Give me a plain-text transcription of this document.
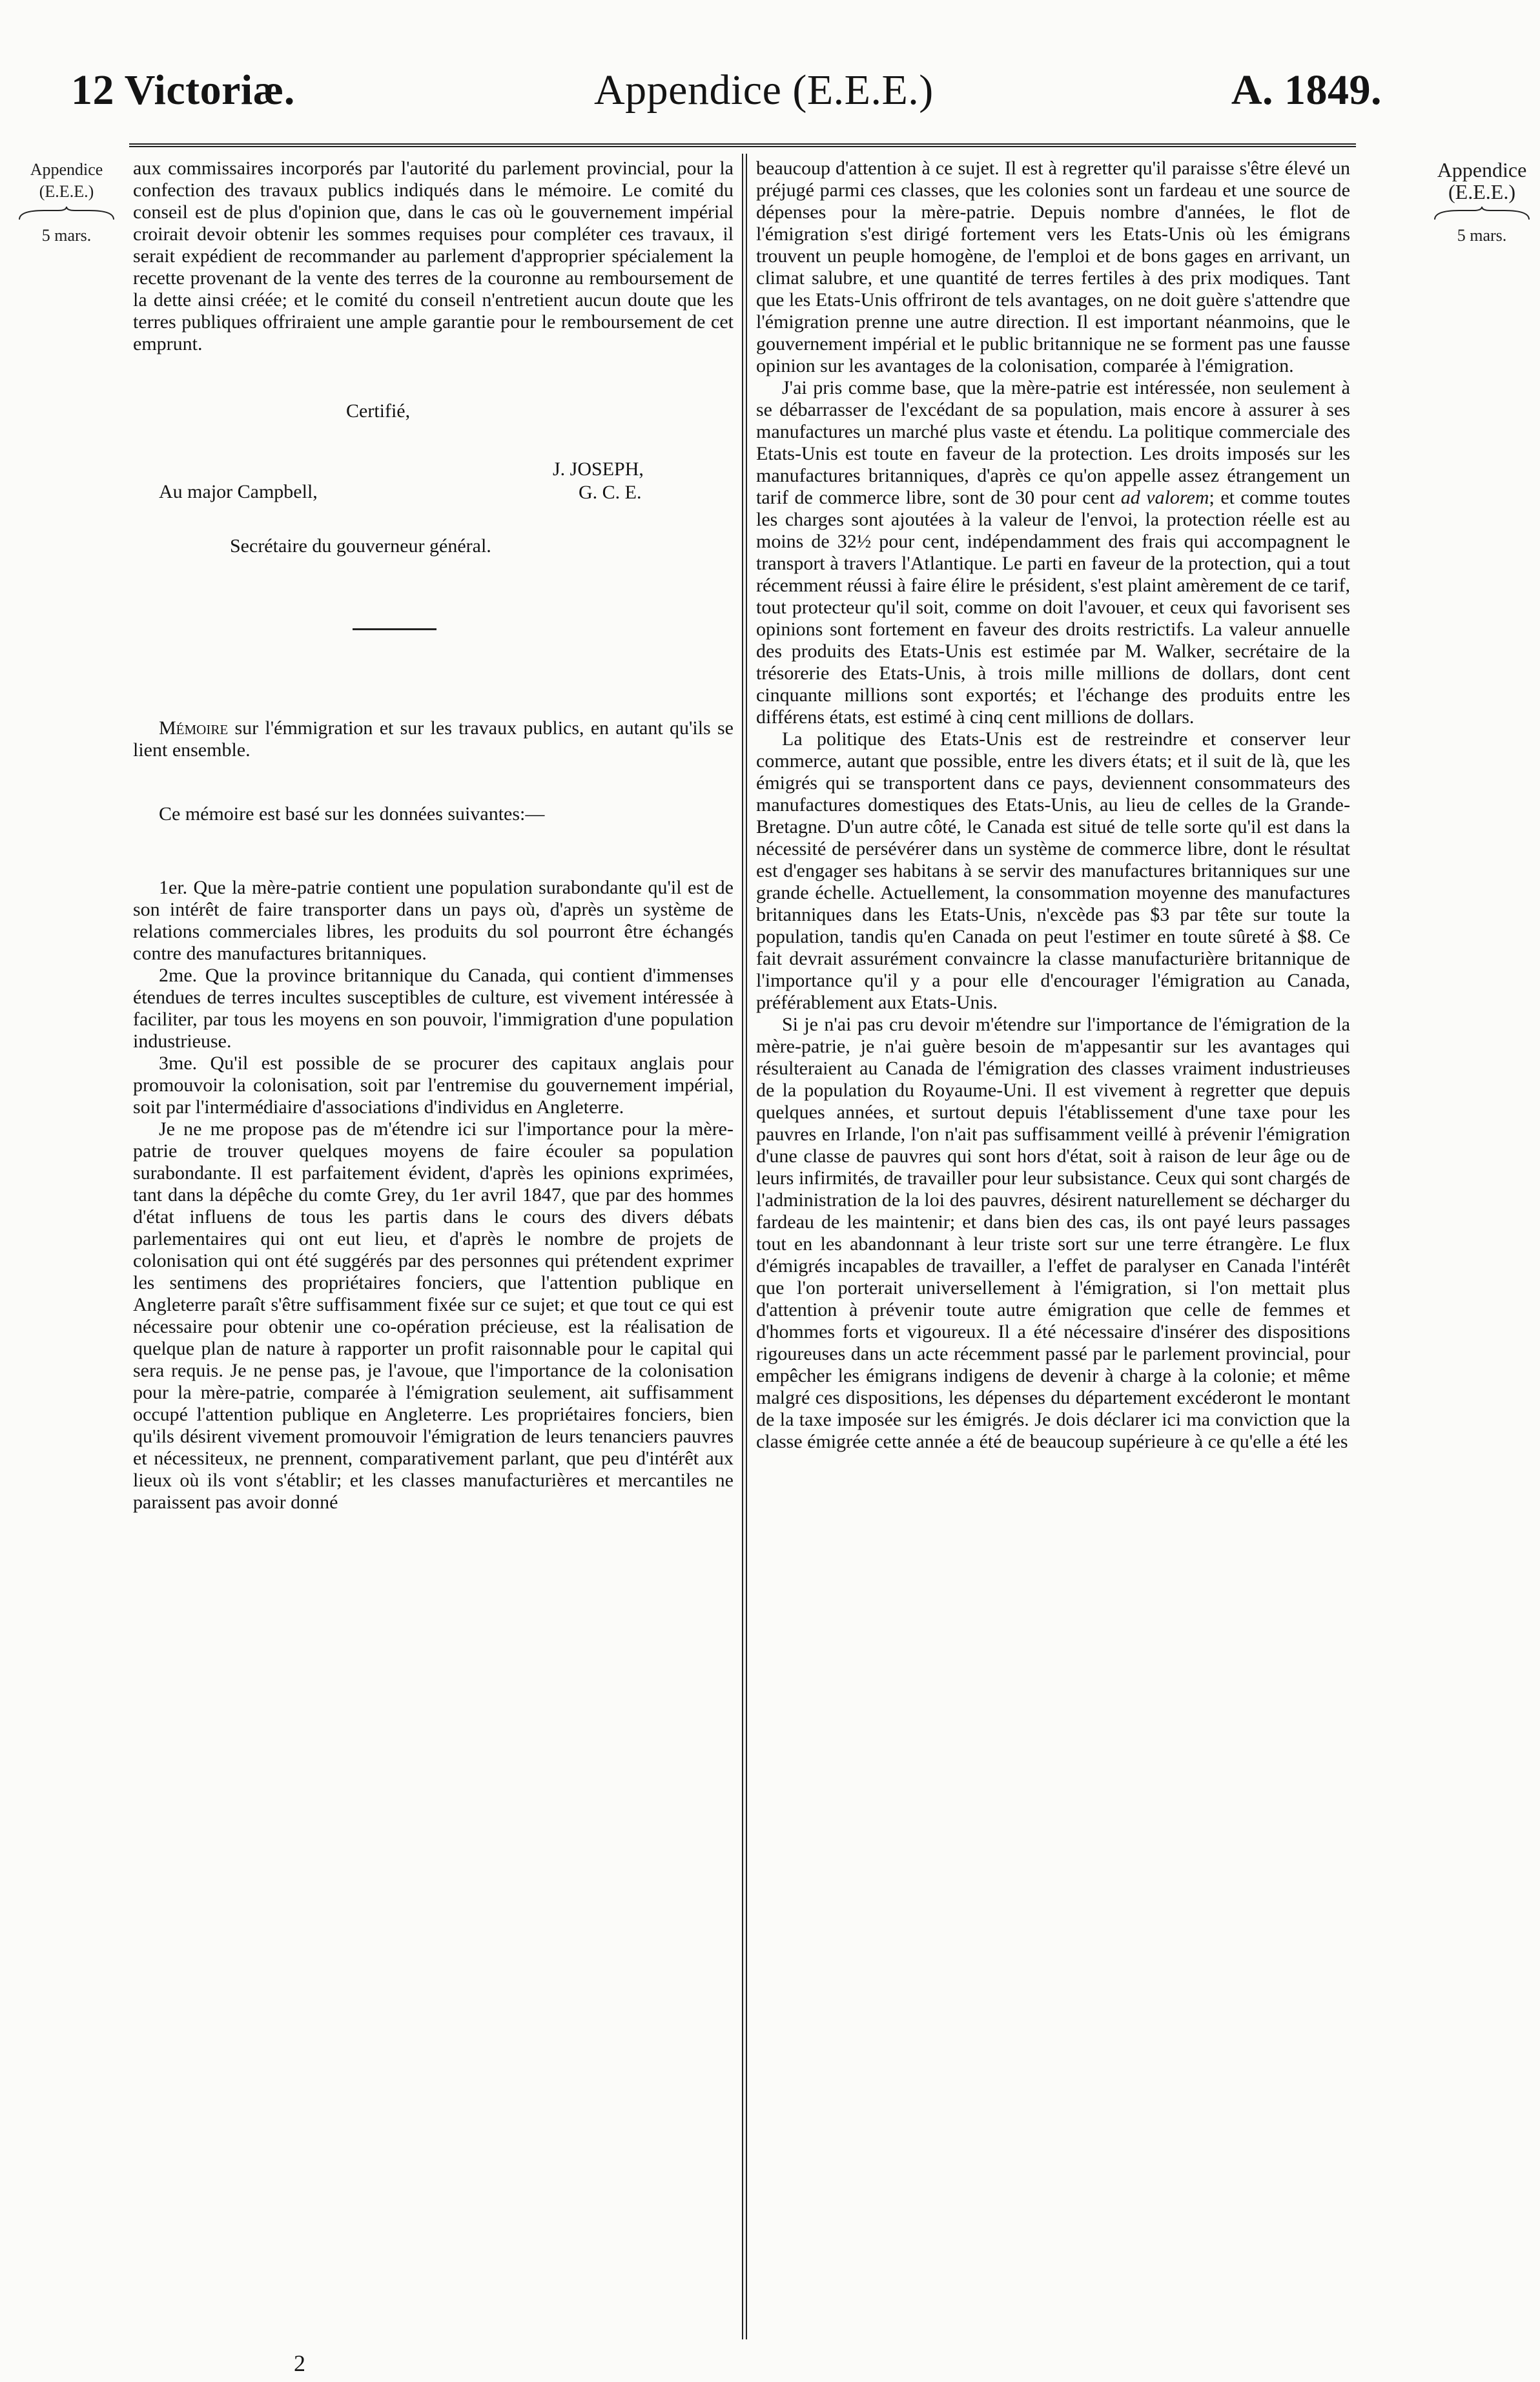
12 Victoriæ.	Appendice (E.E.E.)	A. 1849.
Appendice
(E.E.E.)
5 mars.
Appendice
(E.E.E.)
5 mars.

aux commissaires incorporés par l'autorité du parlement provincial, pour la confection des travaux publics indiqués dans le mémoire. Le comité du conseil est de plus d'opinion que, dans le cas où le gouvernement impérial croirait devoir obtenir les sommes requises pour compléter ces travaux, il serait expédient de recommander au parlement d'approprier spécialement la recette provenant de la vente des terres de la couronne au remboursement de la dette ainsi créée; et le comité du conseil n'entretient aucun doute que les terres publiques offriraient une ample garantie pour le remboursement de cet emprunt.

Certifié,

J. JOSEPH,
G. C. E.

Au major Campbell,

Secrétaire du gouverneur général.

Mémoire sur l'émmigration et sur les travaux publics, en autant qu'ils se lient ensemble.

Ce mémoire est basé sur les données suivantes:—

1er. Que la mère-patrie contient une population surabondante qu'il est de son intérêt de faire transporter dans un pays où, d'après un système de relations commerciales libres, les produits du sol pourront être échangés contre des manufactures britanniques.

2me. Que la province britannique du Canada, qui contient d'immenses étendues de terres incultes susceptibles de culture, est vivement intéressée à faciliter, par tous les moyens en son pouvoir, l'immigration d'une population industrieuse.

3me. Qu'il est possible de se procurer des capitaux anglais pour promouvoir la colonisation, soit par l'entremise du gouvernement impérial, soit par l'intermédiaire d'associations d'individus en Angleterre.

Je ne me propose pas de m'étendre ici sur l'importance pour la mère-patrie de trouver quelques moyens de faire écouler sa population surabondante. Il est parfaitement évident, d'après les opinions exprimées, tant dans la dépêche du comte Grey, du 1er avril 1847, que par des hommes d'état influens de tous les partis dans le cours des divers débats parlementaires qui ont eut lieu, et d'après le nombre de projets de colonisation qui ont été suggérés par des personnes qui prétendent exprimer les sentimens des propriétaires fonciers, que l'attention publique en Angleterre paraît s'être suffisamment fixée sur ce sujet; et que tout ce qui est nécessaire pour obtenir une co-opération précieuse, est la réalisation de quelque plan de nature à rapporter un profit raisonnable pour le capital qui sera requis. Je ne pense pas, je l'avoue, que l'importance de la colonisation pour la mère-patrie, comparée à l'émigration seulement, ait suffisamment occupé l'attention publique en Angleterre. Les propriétaires fonciers, bien qu'ils désirent vivement promouvoir l'émigration de leurs tenanciers pauvres et nécessiteux, ne prennent, comparativement parlant, que peu d'intérêt aux lieux où ils vont s'établir; et les classes manufacturières et mercantiles ne paraissent pas avoir donné

beaucoup d'attention à ce sujet. Il est à regretter qu'il paraisse s'être élevé un préjugé parmi ces classes, que les colonies sont un fardeau et une source de dépenses pour la mère-patrie. Depuis nombre d'années, le flot de l'émigration s'est dirigé fortement vers les Etats-Unis où les émigrans trouvent un peuple homogène, de l'emploi et de bons gages en arrivant, un climat salubre, et une quantité de terres fertiles à des prix modiques. Tant que les Etats-Unis offriront de tels avantages, on ne doit guère s'attendre que l'émigration prenne une autre direction. Il est important néanmoins, que le gouvernement impérial et le public britannique ne se forment pas une fausse opinion sur les avantages de la colonisation, comparée à l'émigration.

J'ai pris comme base, que la mère-patrie est intéressée, non seulement à se débarrasser de l'excédant de sa population, mais encore à assurer à ses manufactures un marché plus vaste et étendu. La politique commerciale des Etats-Unis est toute en faveur de la protection. Les droits imposés sur les manufactures britanniques, d'après ce qu'on appelle assez étrangement un tarif de commerce libre, sont de 30 pour cent ad valorem; et comme toutes les charges sont ajoutées à la valeur de l'envoi, la protection réelle est au moins de 32½ pour cent, indépendamment des frais qui accompagnent le transport à travers l'Atlantique. Le parti en faveur de la protection, qui a tout récemment réussi à faire élire le président, s'est plaint amèrement de ce tarif, tout protecteur qu'il soit, comme on doit l'avouer, et ceux qui favorisent ses opinions sont fortement en faveur des droits restrictifs. La valeur annuelle des produits des Etats-Unis est estimée par M. Walker, secrétaire de la trésorerie des Etats-Unis, à trois mille millions de dollars, dont cent cinquante millions sont exportés; et l'échange des produits entre les différens états, est estimé à cinq cent millions de dollars.

La politique des Etats-Unis est de restreindre et conserver leur commerce, autant que possible, entre les divers états; et il suit de là, que les émigrés qui se transportent dans ce pays, deviennent consommateurs des manufactures domestiques des Etats-Unis, au lieu de celles de la Grande-Bretagne. D'un autre côté, le Canada est situé de telle sorte qu'il est dans la nécessité de persévérer dans un système de commerce libre, dont le résultat est d'engager ses habitans à se servir des manufactures britanniques sur une grande échelle. Actuellement, la consommation moyenne des manufactures britanniques dans les Etats-Unis, n'excède pas $3 par tête sur toute la population, tandis qu'en Canada on peut l'estimer en toute sûreté à $8. Ce fait devrait assurément convaincre la classe manufacturière britannique de l'importance qu'il y a pour elle d'encourager l'émigration au Canada, préférablement aux Etats-Unis.

Si je n'ai pas cru devoir m'étendre sur l'importance de l'émigration de la mère-patrie, je n'ai guère besoin de m'appesantir sur les avantages qui résulteraient au Canada de l'émigration des classes vraiment industrieuses de la population du Royaume-Uni. Il est vivement à regretter que depuis quelques années, et surtout depuis l'établissement d'une taxe pour les pauvres en Irlande, l'on n'ait pas suffisamment veillé à prévenir l'émigration d'une classe de pauvres qui sont hors d'état, soit à raison de leur âge ou de leurs infirmités, de travailler pour leur subsistance. Ceux qui sont chargés de l'administration de la loi des pauvres, désirent naturellement se décharger du fardeau de les maintenir; et dans bien des cas, ils ont payé leurs passages tout en les abandonnant à leur triste sort sur une terre étrangère. Le flux d'émigrés incapables de travailler, a l'effet de paralyser en Canada l'intérêt que l'on porterait universellement à l'émigration, si l'on mettait plus d'attention à prévenir toute autre émigration que celle de femmes et d'hommes forts et vigoureux. Il a été nécessaire d'insérer des dispositions rigoureuses dans un acte récemment passé par le parlement provincial, pour empêcher les émigrans indigens de devenir à charge à la colonie; et même malgré ces dispositions, les dépenses du département excéderont le montant de la taxe imposée sur les émigrés. Je dois déclarer ici ma conviction que la classe émigrée cette année a été de beaucoup supérieure à ce qu'elle a été les

2
